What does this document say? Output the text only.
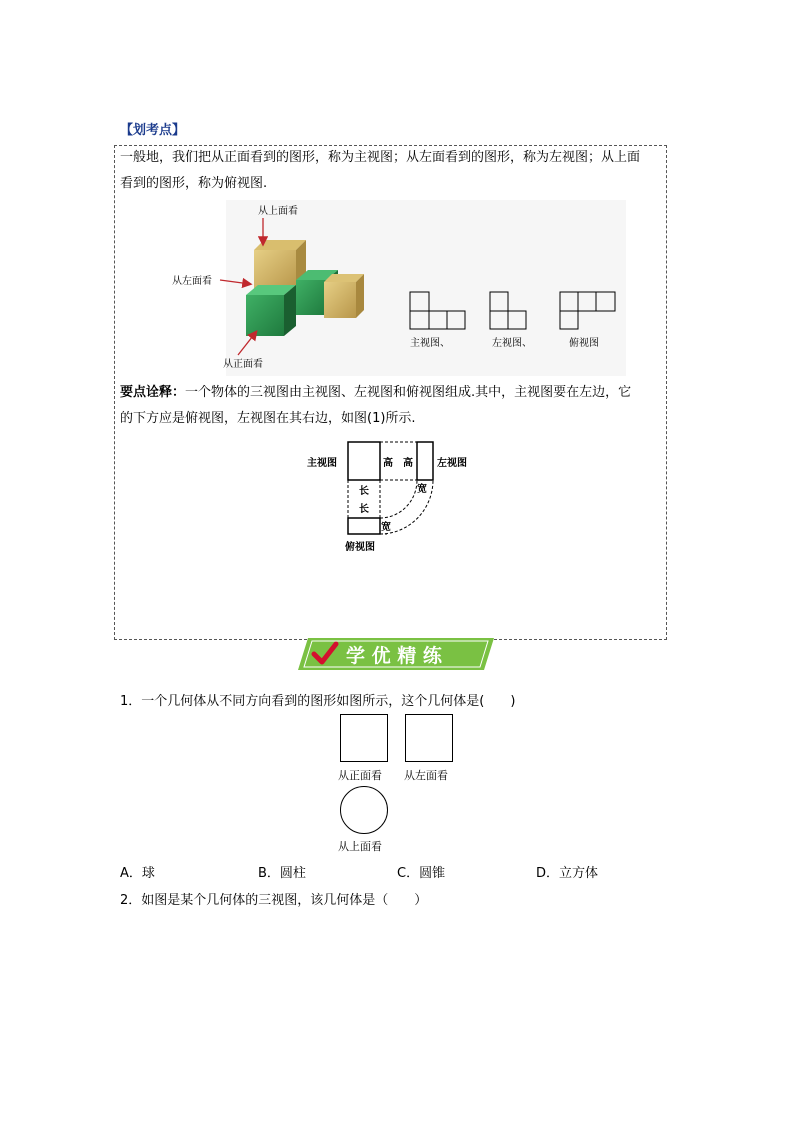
【划考点】
一般地，我们把从正面看到的图形，称为主视图；从左面看到的图形，称为左视图；从上面
看到的图形，称为俯视图.
从上面看
从左面看
从正面看
主视图、	左视图、	俯视图
要点诠释：一个物体的三视图由主视图、左视图和俯视图组成.其中，主视图要在左边，它
的下方应是俯视图，左视图在其右边，如图(1)所示.
主视图	左视图
俯视图
高 高
长
长
宽
宽
学 优 精 练
1．一个几何体从不同方向看到的图形如图所示，这个几何体是(　　)
从正面看 从左面看
从上面看
A．球	B．圆柱	C．圆锥	D．立方体
2．如图是某个几何体的三视图，该几何体是（　　）
